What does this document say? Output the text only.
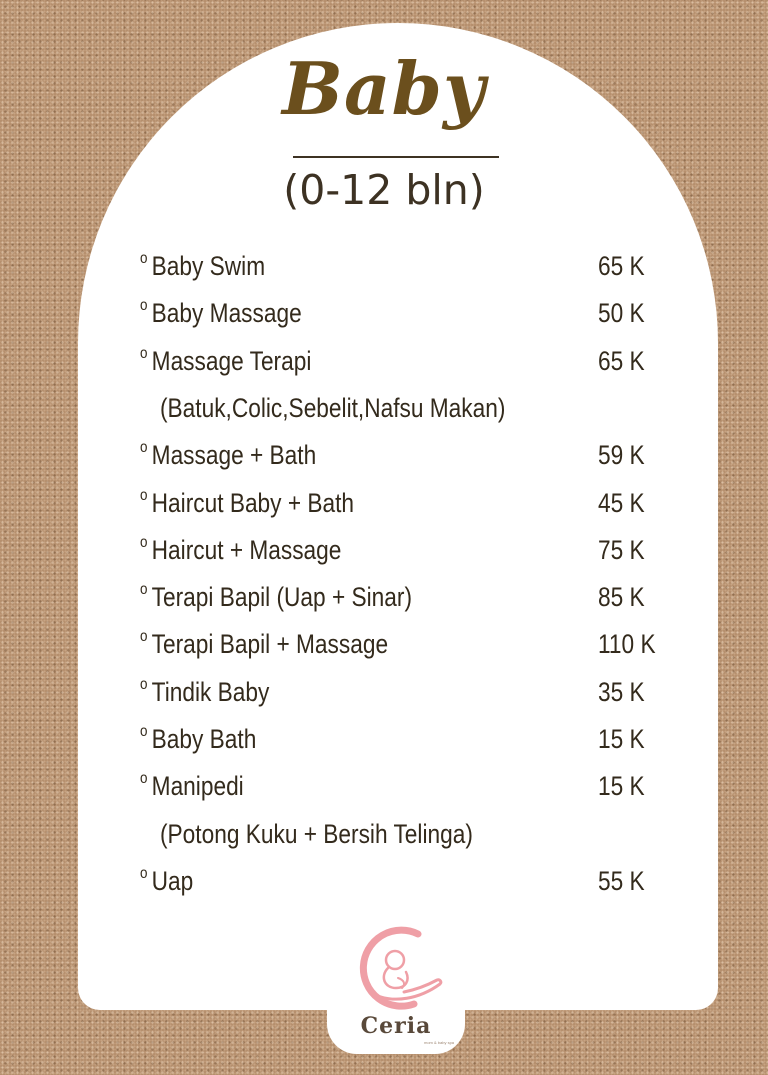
Baby
(0-12 bln)
o Baby Swim	65 K
o Baby Massage	50 K
o Massage Terapi	65 K
(Batuk,Colic,Sebelit,Nafsu Makan)
o Massage + Bath	59 K
o Haircut Baby + Bath	45 K
o Haircut + Massage	75 K
o Terapi Bapil (Uap + Sinar)	85 K
o Terapi Bapil + Massage	110 K
o Tindik Baby	35 K
o Baby Bath	15 K
o Manipedi	15 K
(Potong Kuku + Bersih Telinga)
o Uap	55 K
Ceria
mom & baby spa
